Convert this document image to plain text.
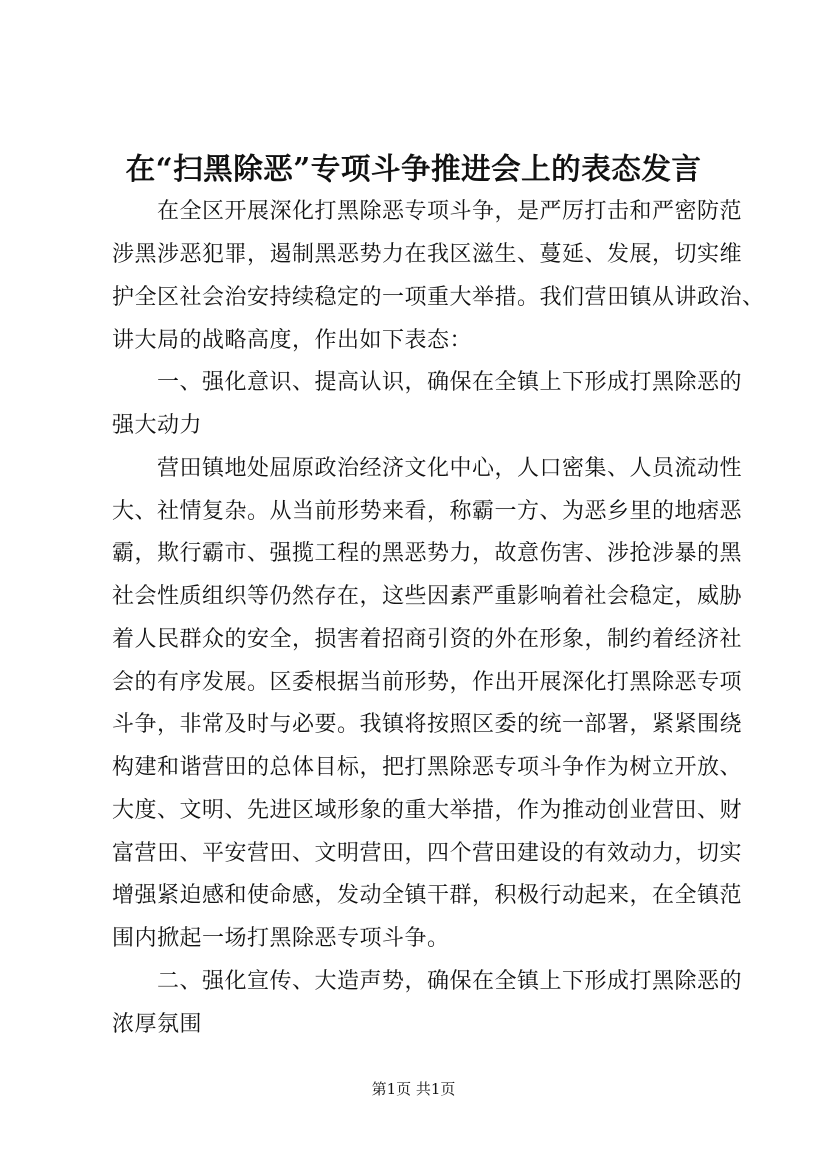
在“扫黑除恶”专项斗争推进会上的表态发言
　　在全区开展深化打黑除恶专项斗争，是严厉打击和严密防范
涉黑涉恶犯罪，遏制黑恶势力在我区滋生、蔓延、发展，切实维
护全区社会治安持续稳定的一项重大举措。我们营田镇从讲政治、
讲大局的战略高度，作出如下表态：
　　一、强化意识、提高认识，确保在全镇上下形成打黑除恶的
强大动力
　　营田镇地处屈原政治经济文化中心，人口密集、人员流动性
大、社情复杂。从当前形势来看，称霸一方、为恶乡里的地痞恶
霸，欺行霸市、强揽工程的黑恶势力，故意伤害、涉抢涉暴的黑
社会性质组织等仍然存在，这些因素严重影响着社会稳定，威胁
着人民群众的安全，损害着招商引资的外在形象，制约着经济社
会的有序发展。区委根据当前形势，作出开展深化打黑除恶专项
斗争，非常及时与必要。我镇将按照区委的统一部署，紧紧围绕
构建和谐营田的总体目标，把打黑除恶专项斗争作为树立开放、
大度、文明、先进区域形象的重大举措，作为推动创业营田、财
富营田、平安营田、文明营田，四个营田建设的有效动力，切实
增强紧迫感和使命感，发动全镇干群，积极行动起来，在全镇范
围内掀起一场打黑除恶专项斗争。
　　二、强化宣传、大造声势，确保在全镇上下形成打黑除恶的
浓厚氛围
第1页 共1页
